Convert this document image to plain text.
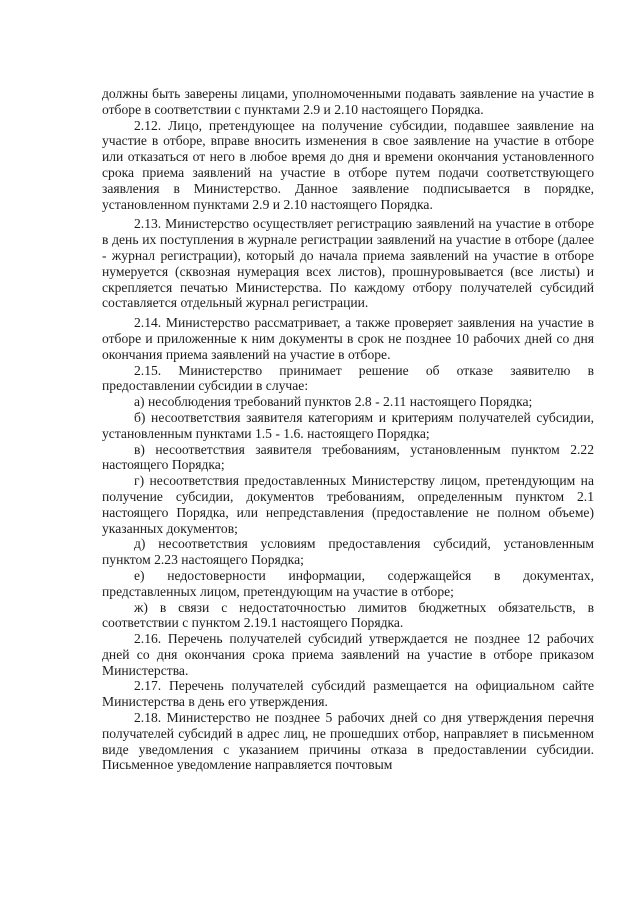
должны быть заверены лицами, уполномоченными подавать заявление на участие в отборе в соответствии с пунктами 2.9 и 2.10 настоящего Порядка.

2.12. Лицо, претендующее на получение субсидии, подавшее заявление на участие в отборе, вправе вносить изменения в свое заявление на участие в отборе или отказаться от него в любое время до дня и времени окончания установленного срока приема заявлений на участие в отборе путем подачи соответствующего заявления в Министерство. Данное заявление подписывается в порядке, установленном пунктами 2.9 и 2.10 настоящего Порядка.

2.13. Министерство осуществляет регистрацию заявлений на участие в отборе в день их поступления в журнале регистрации заявлений на участие в отборе (далее - журнал регистрации), который до начала приема заявлений на участие в отборе нумеруется (сквозная нумерация всех листов), прошнуровывается (все листы) и скрепляется печатью Министерства. По каждому отбору получателей субсидий составляется отдельный журнал регистрации.

2.14. Министерство рассматривает, а также проверяет заявления на участие в отборе и приложенные к ним документы в срок не позднее 10 рабочих дней со дня окончания приема заявлений на участие в отборе.

2.15. Министерство принимает решение об отказе заявителю в предоставлении субсидии в случае:

а) несоблюдения требований пунктов 2.8 - 2.11 настоящего Порядка;

б) несоответствия заявителя категориям и критериям получателей субсидии, установленным пунктами 1.5 - 1.6. настоящего Порядка;

в) несоответствия заявителя требованиям, установленным пунктом 2.22 настоящего Порядка;

г) несоответствия предоставленных Министерству лицом, претендующим на получение субсидии, документов требованиям, определенным пунктом 2.1 настоящего Порядка, или непредставления (предоставление не полном объеме) указанных документов;

д) несоответствия условиям предоставления субсидий, установленным пунктом 2.23 настоящего Порядка;

е) недостоверности информации, содержащейся в документах, представленных лицом, претендующим на участие в отборе;

ж) в связи с недостаточностью лимитов бюджетных обязательств, в соответствии с пунктом 2.19.1 настоящего Порядка.

2.16. Перечень получателей субсидий утверждается не позднее 12 рабочих дней со дня окончания срока приема заявлений на участие в отборе приказом Министерства.

2.17. Перечень получателей субсидий размещается на официальном сайте Министерства в день его утверждения.

2.18. Министерство не позднее 5 рабочих дней со дня утверждения перечня получателей субсидий в адрес лиц, не прошедших отбор, направляет в письменном виде уведомления с указанием причины отказа в предоставлении субсидии. Письменное уведомление направляется почтовым
